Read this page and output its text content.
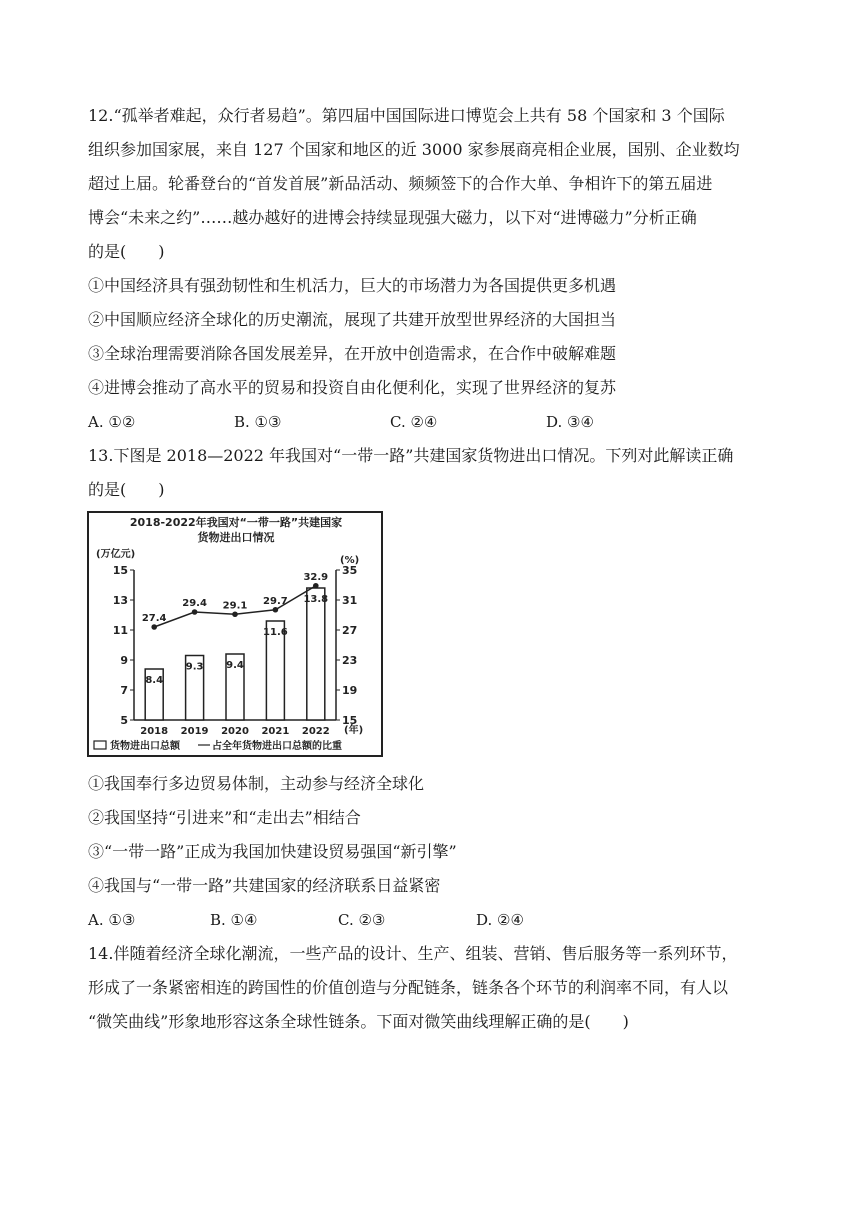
12.“孤举者难起，众行者易趋”。第四届中国国际进口博览会上共有 58 个国家和 3 个国际
组织参加国家展，来自 127 个国家和地区的近 3000 家参展商亮相企业展，国别、企业数均
超过上届。轮番登台的“首发首展”新品活动、频频签下的合作大单、争相许下的第五届进
博会“未来之约”……越办越好的进博会持续显现强大磁力，以下对“进博磁力”分析正确
的是(　　)
①中国经济具有强劲韧性和生机活力，巨大的市场潜力为各国提供更多机遇
②中国顺应经济全球化的历史潮流，展现了共建开放型世界经济的大国担当
③全球治理需要消除各国发展差异，在开放中创造需求，在合作中破解难题
④进博会推动了高水平的贸易和投资自由化便利化，实现了世界经济的复苏
A. ①②	B. ①③	C. ②④	D. ③④
13.下图是 2018—2022 年我国对“一带一路”共建国家货物进出口情况。下列对此解读正确
的是(　　)
2018-2022年我国对“一带一路”共建国家
货物进出口情况
(万亿元)
(%)
(年)
5
7
9
11
13
15
15
19
23
27
31
35
2018 2019 2020 2021 2022
8.4
9.3 9.4
11.6
13.8
27.4
29.4 29.1 29.7
32.9
货物进出口总额	占全年货物进出口总额的比重
①我国奉行多边贸易体制，主动参与经济全球化
②我国坚持“引进来”和“走出去”相结合
③“一带一路”正成为我国加快建设贸易强国“新引擎”
④我国与“一带一路”共建国家的经济联系日益紧密
A. ①③	B. ①④	C. ②③	D. ②④
14.伴随着经济全球化潮流，一些产品的设计、生产、组装、营销、售后服务等一系列环节，
形成了一条紧密相连的跨国性的价值创造与分配链条，链条各个环节的利润率不同，有人以
“微笑曲线”形象地形容这条全球性链条。下面对微笑曲线理解正确的是(　　)
